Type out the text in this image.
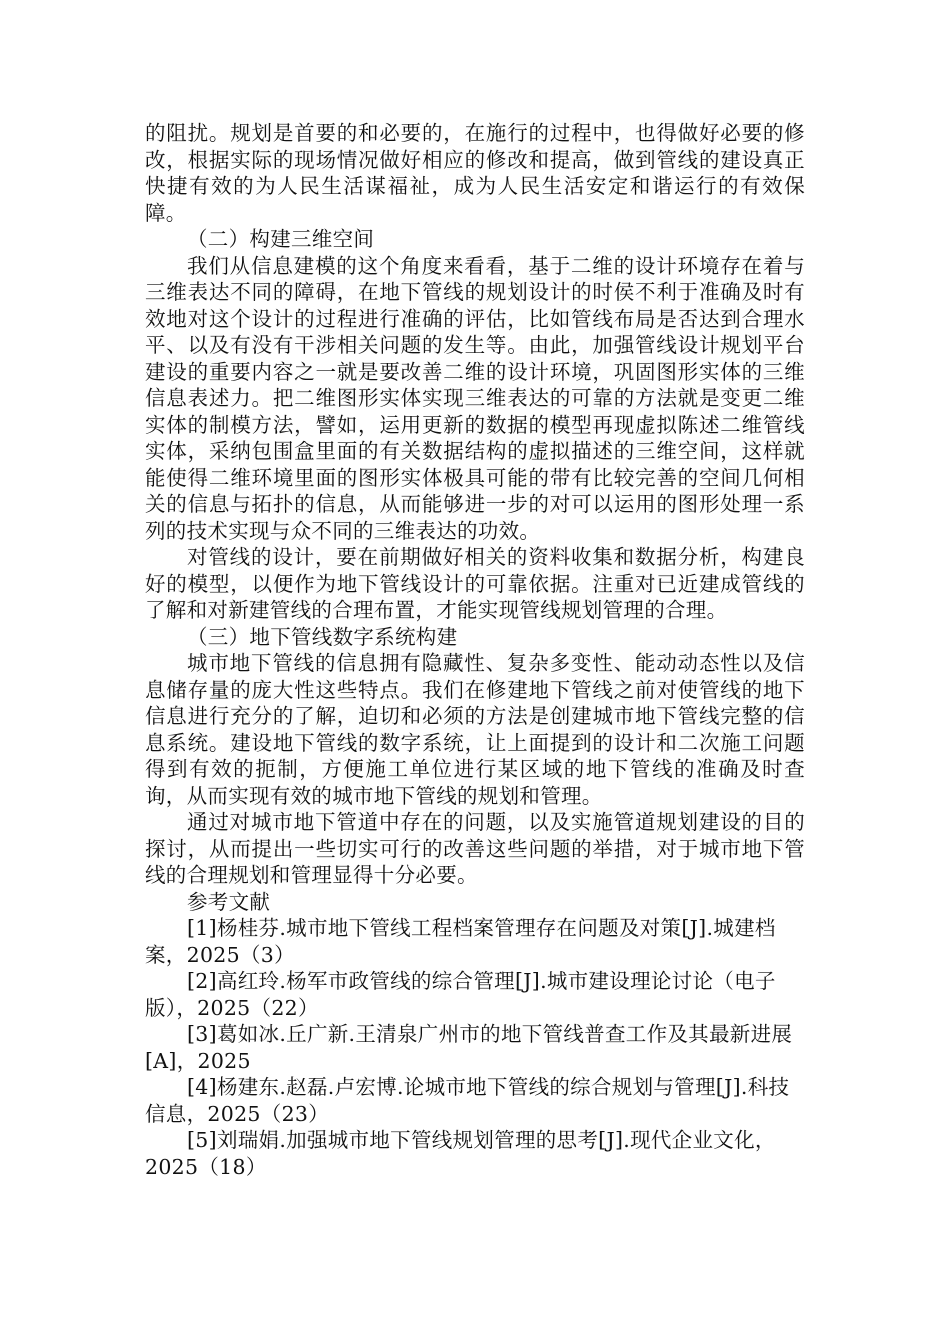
的阻扰。规划是首要的和必要的，在施行的过程中，也得做好必要的修改，根据实际的现场情况做好相应的修改和提高，做到管线的建设真正快捷有效的为人民生活谋福祉，成为人民生活安定和谐运行的有效保障。

（二）构建三维空间

我们从信息建模的这个角度来看看，基于二维的设计环境存在着与三维表达不同的障碍，在地下管线的规划设计的时侯不利于准确及时有效地对这个设计的过程进行准确的评估，比如管线布局是否达到合理水平、以及有没有干涉相关问题的发生等。由此，加强管线设计规划平台建设的重要内容之一就是要改善二维的设计环境，巩固图形实体的三维信息表述力。把二维图形实体实现三维表达的可靠的方法就是变更二维实体的制模方法，譬如，运用更新的数据的模型再现虚拟陈述二维管线实体，采纳包围盒里面的有关数据结构的虚拟描述的三维空间，这样就能使得二维环境里面的图形实体极具可能的带有比较完善的空间几何相关的信息与拓扑的信息，从而能够进一步的对可以运用的图形处理一系列的技术实现与众不同的三维表达的功效。

对管线的设计，要在前期做好相关的资料收集和数据分析，构建良好的模型，以便作为地下管线设计的可靠依据。注重对已近建成管线的了解和对新建管线的合理布置，才能实现管线规划管理的合理。

（三）地下管线数字系统构建

城市地下管线的信息拥有隐藏性、复杂多变性、能动动态性以及信息储存量的庞大性这些特点。我们在修建地下管线之前对使管线的地下信息进行充分的了解，迫切和必须的方法是创建城市地下管线完整的信息系统。建设地下管线的数字系统，让上面提到的设计和二次施工问题得到有效的扼制，方便施工单位进行某区域的地下管线的准确及时查询，从而实现有效的城市地下管线的规划和管理。

通过对城市地下管道中存在的问题，以及实施管道规划建设的目的探讨，从而提出一些切实可行的改善这些问题的举措，对于城市地下管线的合理规划和管理显得十分必要。

参考文献

[1]杨桂芬.城市地下管线工程档案管理存在问题及对策[J].城建档案，2025（3）

[2]高红玲.杨军市政管线的综合管理[J].城市建设理论讨论（电子版），2025（22）

[3]葛如冰.丘广新.王清泉广州市的地下管线普查工作及其最新进展[A]，2025

[4]杨建东.赵磊.卢宏博.论城市地下管线的综合规划与管理[J].科技信息，2025（23）

[5]刘瑞娟.加强城市地下管线规划管理的思考[J].现代企业文化，2025（18）
